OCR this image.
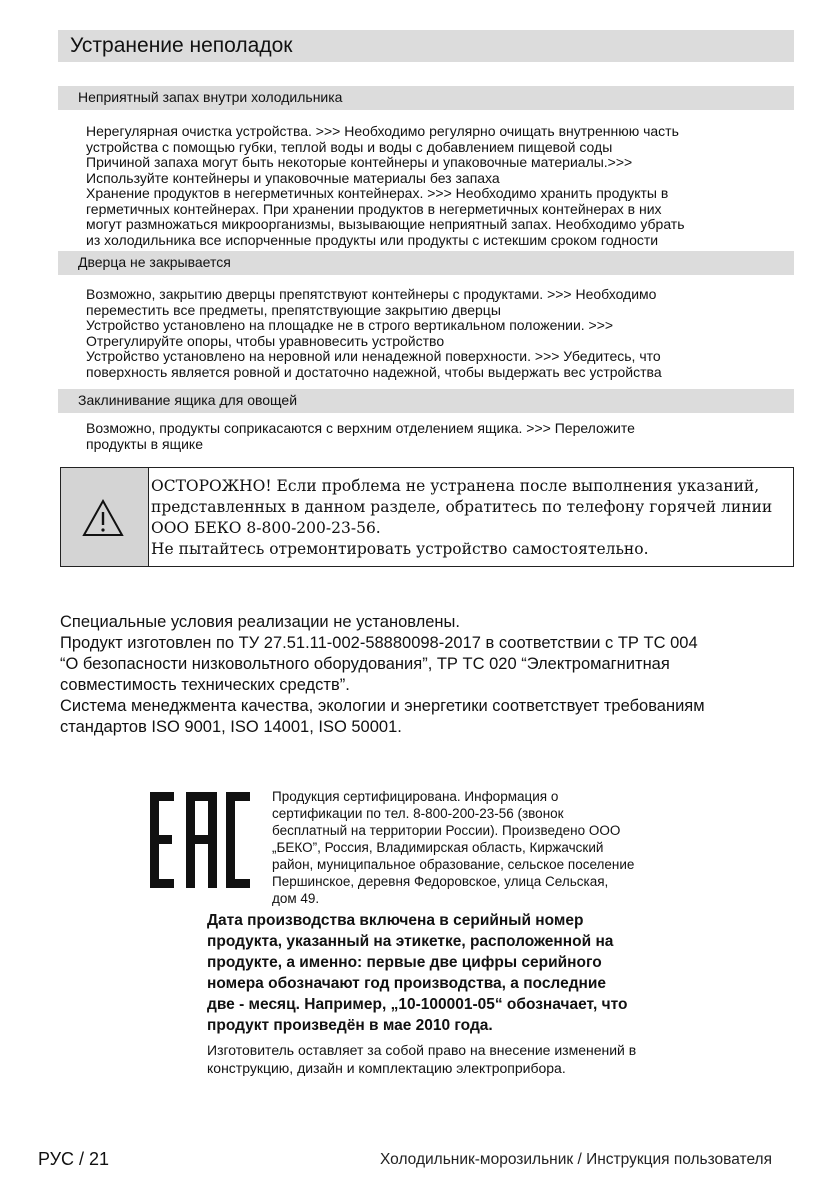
Устранение неполадок
Неприятный запах внутри холодильника
Нерегулярная очистка устройства. >>> Необходимо регулярно очищать внутреннюю часть
устройства с помощью губки, теплой воды и воды с добавлением пищевой соды
Причиной запаха могут быть некоторые контейнеры и упаковочные материалы.>>>
Используйте контейнеры и упаковочные материалы без запаха
Хранение продуктов в негерметичных контейнерах. >>> Необходимо хранить продукты в
герметичных контейнерах. При хранении продуктов в негерметичных контейнерах в них
могут размножаться микроорганизмы, вызывающие неприятный запах. Необходимо убрать
из холодильника все испорченные продукты или продукты с истекшим сроком годности
Дверца не закрывается
Возможно, закрытию дверцы препятствуют контейнеры с продуктами. >>> Необходимо
переместить все предметы, препятствующие закрытию дверцы
Устройство установлено на площадке не в строго вертикальном положении. >>>
Отрегулируйте опоры, чтобы уравновесить устройство
Устройство установлено на неровной или ненадежной поверхности. >>> Убедитесь, что
поверхность является ровной и достаточно надежной, чтобы выдержать вес устройства
Заклинивание ящика для овощей
Возможно, продукты соприкасаются с верхним отделением ящика. >>> Переложите
продукты в ящике
ОСТОРОЖНО! Если проблема не устранена после выполнения указаний,
представленных в данном разделе, обратитесь по телефону горячей линии
ООО БЕКО 8-800-200-23-56.
Не пытайтесь отремонтировать устройство самостоятельно.
Специальные условия реализации не установлены.
Продукт изготовлен по ТУ 27.51.11-002-58880098-2017 в соответствии с ТР ТС 004
“О безопасности низковольтного оборудования”, ТР ТС 020 “Электромагнитная
совместимость технических средств”.
Система менеджмента качества, экологии и энергетики соответствует требованиям
стандартов ISO 9001, ISO 14001, ISO 50001.
Продукция сертифицирована. Информация о
сертификации по тел. 8-800-200-23-56 (звонок
бесплатный на территории России). Произведено ООО
„БЕКО”, Россия, Владимирская область, Киржачский
район, муниципальное образование, сельское поселение
Першинское, деревня Федоровское, улица Сельская,
дом 49.
Дата производства включена в серийный номер
продукта, указанный на этикетке, расположенной на
продукте, а именно: первые две цифры серийного
номера обозначают год производства, а последние
две - месяц. Например, „10-100001-05“ обозначает, что
продукт произведён в мае 2010 года.
Изготовитель оставляет за собой право на внесение изменений в
конструкцию, дизайн и комплектацию электроприбора.
РУС / 21	Холодильник-морозильник / Инструкция пользователя
